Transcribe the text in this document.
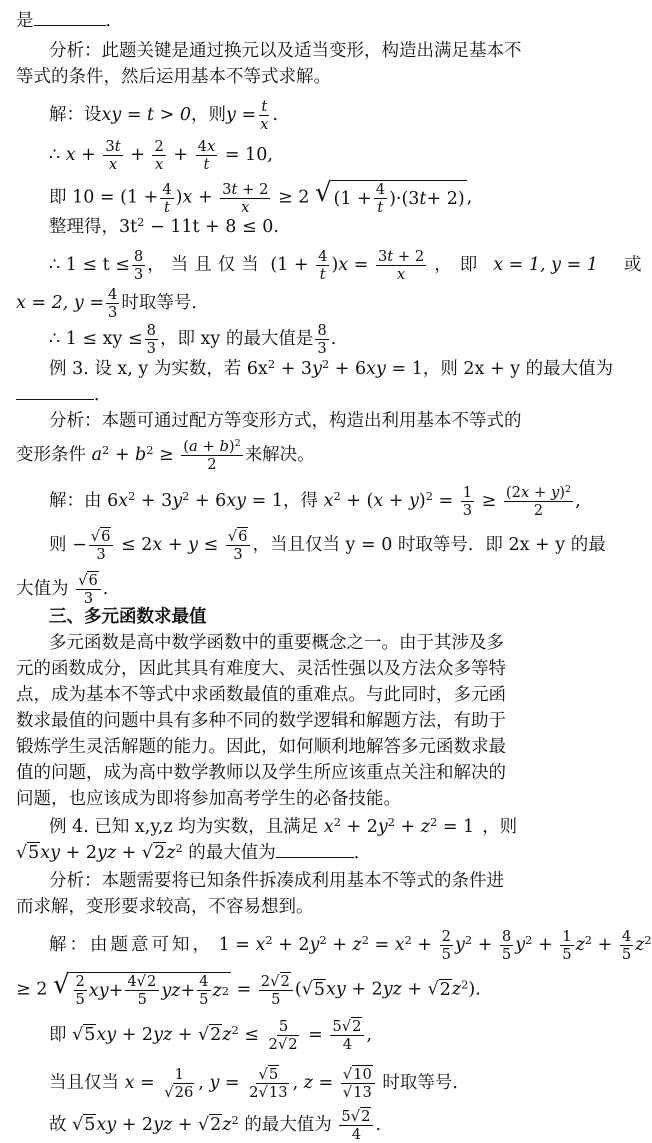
是	．
分析：此题关键是通过换元以及适当变形，构造出满足基本不
等式的条件，然后运用基本不等式求解。
解：设xy = t > 0，则$y = \frac{t}{x}$ .
∴ $x + \frac{3t}{x} + \frac{2}{x} + \frac{4x}{t} = 10$,
即 $10 = (1 + \frac{4}{t} )x + \frac{3t + 2}{x} \ge 2$ √ (1 + 4
t )·(3 t + 2) ,
整理得，$3t^2 - 11t + 8 \le 0$.
∴ $1 \le t \le \frac{8}{3}$ ，当且仅当 $(1 + \frac{4}{t} )x = \frac{3t + 2}{x}$ ，即 x = 1, y = 1 或
x = 2, $y = \frac{4}{3}$ 时取等号．
∴ 1 ≤ xy ≤ $\frac{8}{3}$ ，即 xy 的最大值是 $\frac{8}{3}$ .
例 3. 设 x, y 为实数，若 $6x^2 + 3y^2 + 6xy = 1$，则 2x + y 的最大值为
．
分析：本题可通过配方等变形方式，构造出利用基本不等式的
变形条件 $a^2 + b^2 \ge \frac{(a + b)^2}{2}$ 来解决。
解：由 $6x^2 + 3y^2 + 6xy = 1$，得 $x^2 + (x + y)^2 = \frac{1}{3} \ge \frac{(2x + y)^2}{2}$ ,
则 − $\frac{√6}{3} \le 2x + y \le \frac{√6}{3}$ ，当且仅当 y = 0 时取等号．即 2x + y 的最
大值为 $\frac{√6}{3}$ .
三、多元函数求最值
多元函数是高中数学函数中的重要概念之一。由于其涉及多
元的函数成分，因此其具有难度大、灵活性强以及方法众多等特
点，成为基本不等式中求函数最值的重难点。与此同时，多元函
数求最值的问题中具有多种不同的数学逻辑和解题方法，有助于
锻炼学生灵活解题的能力。因此，如何顺利地解答多元函数求最
值的问题，成为高中数学教师以及学生所应该重点关注和解决的
问题，也应该成为即将参加高考学生的必备技能。
例 4. 已知 x,y,z 均为实数，且满足 $x^2 + 2y^2 + z^2 = 1$ ，则
$√5xy + 2yz + √2z^2$ 的最大值为	．
分析：本题需要将已知条件拆凑成利用基本不等式的条件进
而求解，变形要求较高，不容易想到。
解：由题意可知， $1 = x^2 + 2y^2 + z^2 = x^2 + \frac{2}{5} y^2 + \frac{8}{5} y^2 + \frac{1}{5} z^2 + \frac{4}{5} z^2$
≥ 2 √ 2
5 xy + 4√2
5 yz + 4
5 z $2 = \frac{2√2}{5} (√5xy + 2yz + √2z^2)$.
即 $√5xy + 2yz + √2z^2 \le \frac{5}{2√2} = \frac{5√2}{4}$ ,
当且仅当 $x = \frac{1}{√26}$ , $y = \frac{√5}{2√13}$ , $z = \frac{√10}{√13}$ 时取等号．
故 $√5xy + 2yz + √2z^2$ 的最大值为 $\frac{5√2}{4}$ .
